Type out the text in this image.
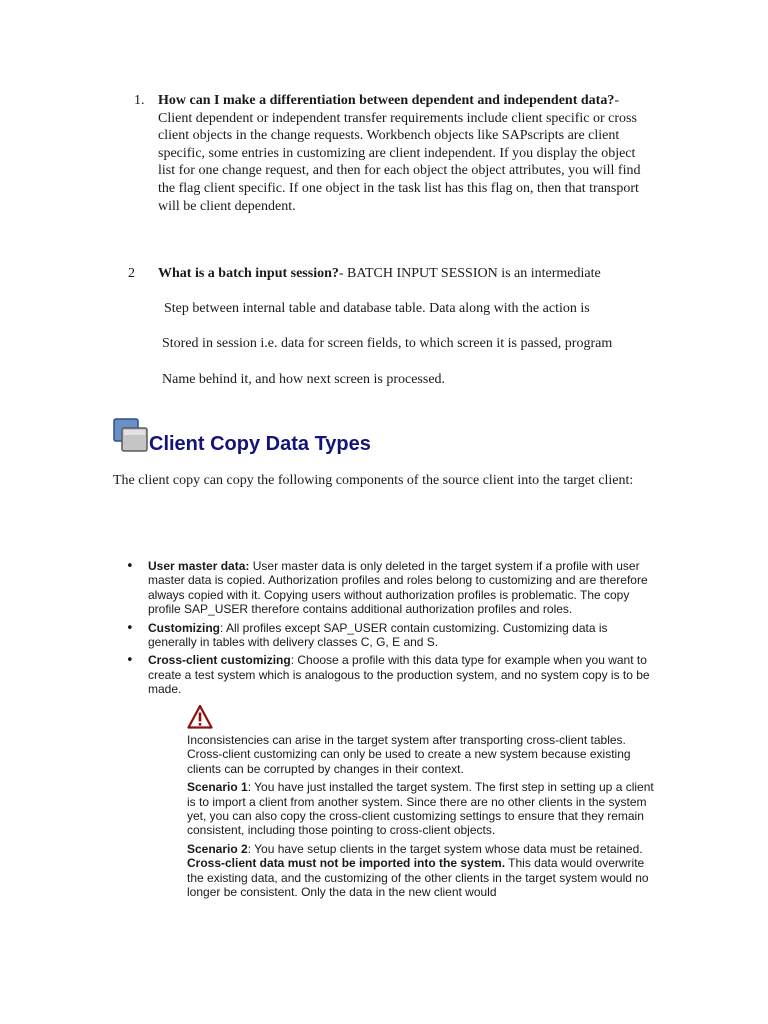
1. How can I make a differentiation between dependent and independent data?- Client dependent or independent transfer requirements include client specific or cross client objects in the change requests. Workbench objects like SAPscripts are client specific, some entries in customizing are client independent. If you display the object list for one change request, and then for each object the object attributes, you will find the flag client specific. If one object in the task list has this flag on, then that transport will be client dependent.
2 What is a batch input session?- BATCH INPUT SESSION is an intermediate
Step between internal table and database table. Data along with the action is
Stored in session i.e. data for screen fields, to which screen it is passed, program
Name behind it, and how next screen is processed.
Client Copy Data Types
The client copy can copy the following components of the source client into the target client:
• User master data: User master data is only deleted in the target system if a profile with user master data is copied. Authorization profiles and roles belong to customizing and are therefore always copied with it. Copying users without authorization profiles is problematic. The copy profile SAP_USER therefore contains additional authorization profiles and roles.
• Customizing: All profiles except SAP_USER contain customizing. Customizing data is generally in tables with delivery classes C, G, E and S.
• Cross-client customizing: Choose a profile with this data type for example when you want to create a test system which is analogous to the production system, and no system copy is to be made.

Inconsistencies can arise in the target system after transporting cross-client tables. Cross-client customizing can only be used to create a new system because existing clients can be corrupted by changes in their context.

Scenario 1: You have just installed the target system. The first step in setting up a client is to import a client from another system. Since there are no other clients in the system yet, you can also copy the cross-client customizing settings to ensure that they remain consistent, including those pointing to cross-client objects.

Scenario 2: You have setup clients in the target system whose data must be retained. Cross-client data must not be imported into the system. This data would overwrite the existing data, and the customizing of the other clients in the target system would no longer be consistent. Only the data in the new client would
